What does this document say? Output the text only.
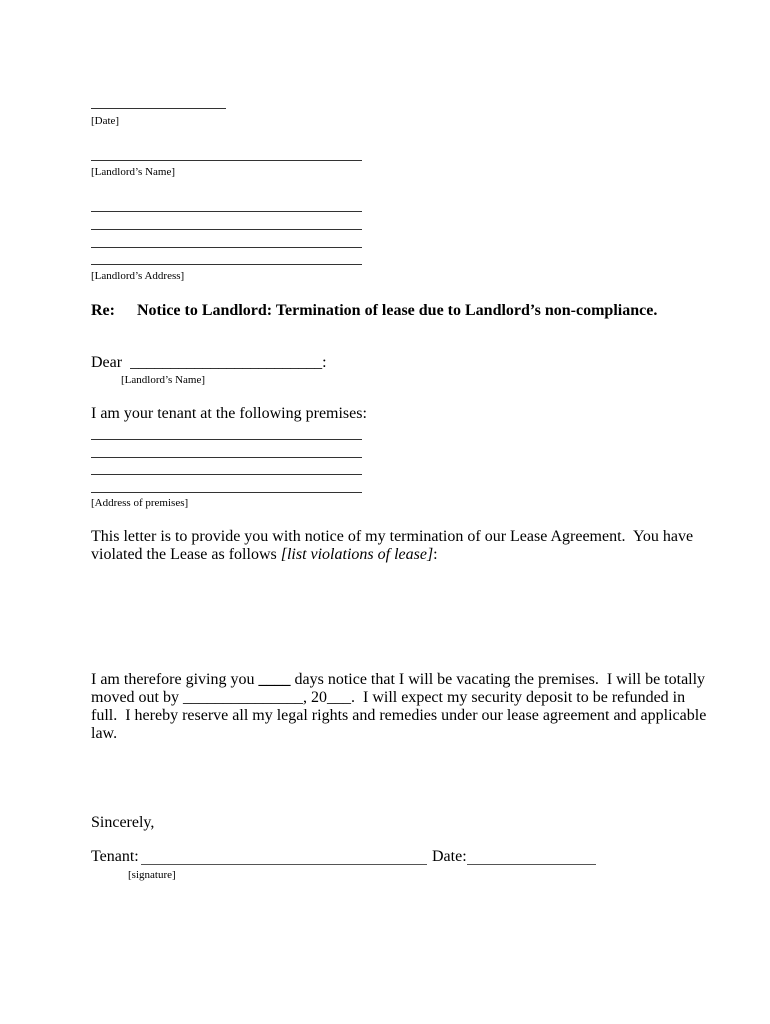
[Date]
[Landlord’s Name]
[Landlord’s Address]
Re: Notice to Landlord: Termination of lease due to Landlord’s non-compliance.
Dear ________________________:
[Landlord’s Name]
I am your tenant at the following premises:
[Address of premises]
This letter is to provide you with notice of my termination of our Lease Agreement.  You have
violated the Lease as follows [list violations of lease]:
I am therefore giving you ____ days notice that I will be vacating the premises.  I will be totally
moved out by _______________, 20___.  I will expect my security deposit to be refunded in
full.  I hereby reserve all my legal rights and remedies under our lease agreement and applicable
law.
Sincerely,
Tenant:	Date:
[signature]
